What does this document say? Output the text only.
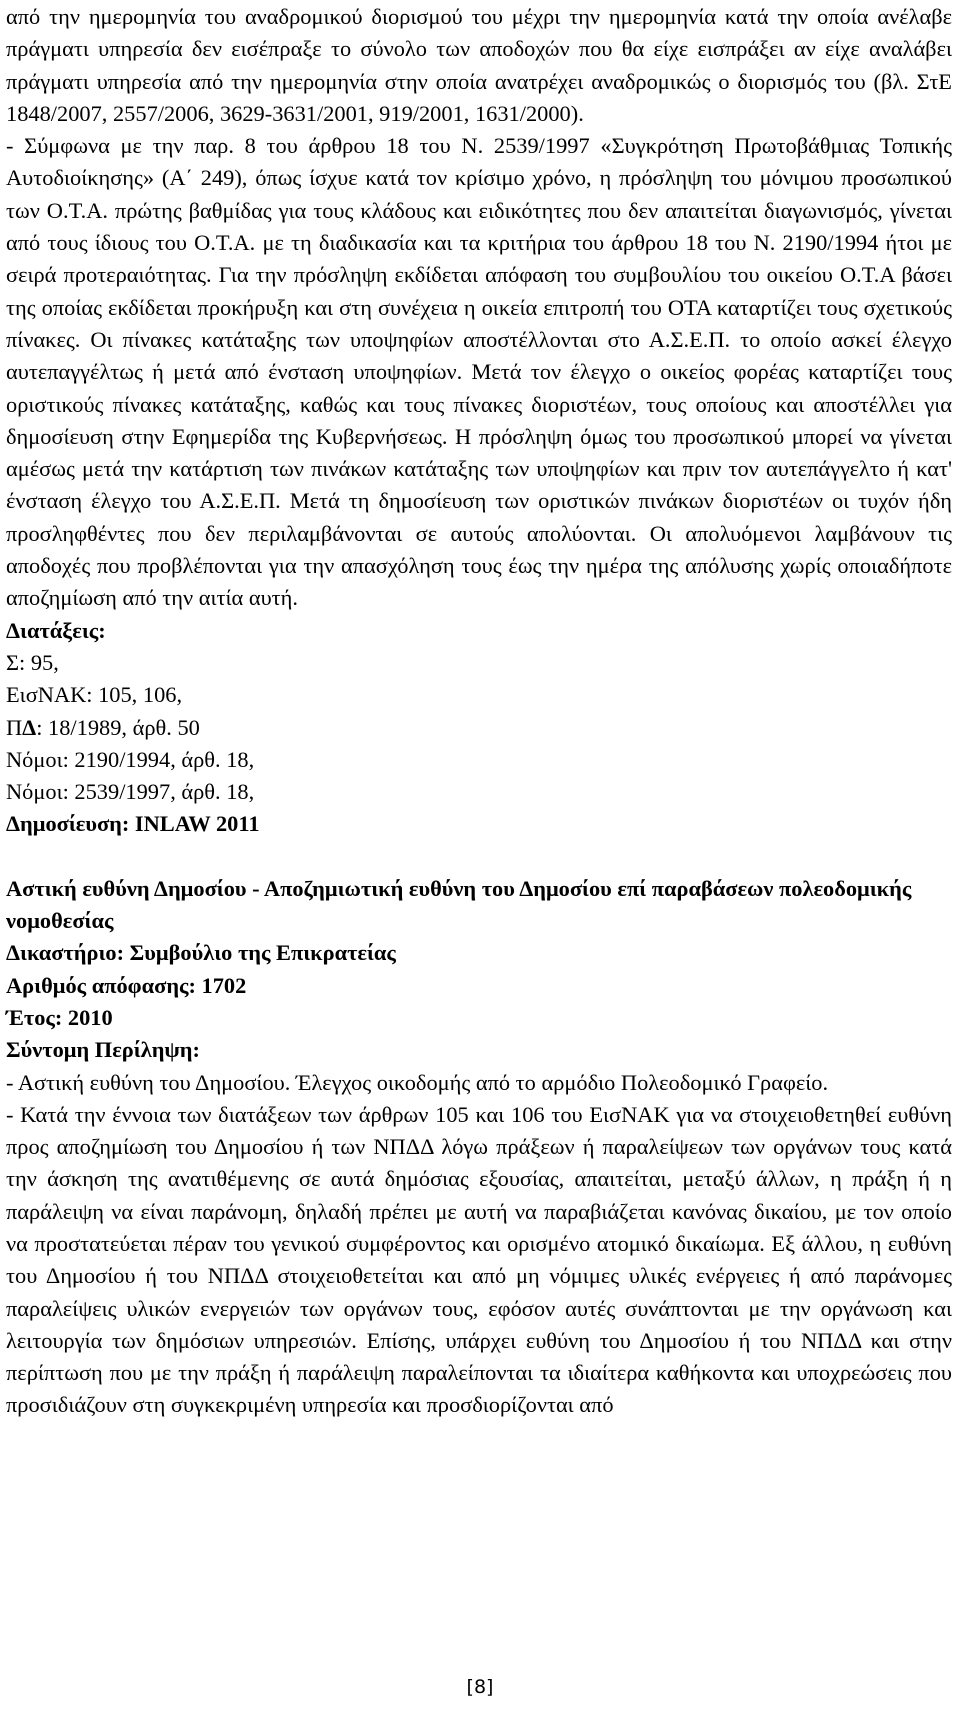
από την ημερομηνία του αναδρομικού διορισμού του μέχρι την ημερομηνία κατά την οποία ανέλαβε πράγματι υπηρεσία δεν εισέπραξε το σύνολο των αποδοχών που θα είχε εισπράξει αν είχε αναλάβει πράγματι υπηρεσία από την ημερομηνία στην οποία ανατρέχει αναδρομικώς ο διορισμός του (βλ. ΣτΕ 1848/2007, 2557/2006, 3629-3631/2001, 919/2001, 1631/2000).

- Σύμφωνα με την παρ. 8 του άρθρου 18 του Ν. 2539/1997 «Συγκρότηση Πρωτοβάθμιας Τοπικής Αυτοδιοίκησης» (Α΄ 249), όπως ίσχυε κατά τον κρίσιμο χρόνο, η πρόσληψη του μόνιμου προσωπικού των Ο.Τ.Α. πρώτης βαθμίδας για τους κλάδους και ειδικότητες που δεν απαιτείται διαγωνισμός, γίνεται από τους ίδιους του Ο.Τ.Α. με τη διαδικασία και τα κριτήρια του άρθρου 18 του Ν. 2190/1994 ήτοι με σειρά προτεραιότητας. Για την πρόσληψη εκδίδεται απόφαση του συμβουλίου του οικείου Ο.Τ.Α βάσει της οποίας εκδίδεται προκήρυξη και στη συνέχεια η οικεία επιτροπή του ΟΤΑ καταρτίζει τους σχετικούς πίνακες. Οι πίνακες κατάταξης των υποψηφίων αποστέλλονται στο Α.Σ.Ε.Π. το οποίο ασκεί έλεγχο αυτεπαγγέλτως ή μετά από ένσταση υποψηφίων. Μετά τον έλεγχο ο οικείος φορέας καταρτίζει τους οριστικούς πίνακες κατάταξης, καθώς και τους πίνακες διοριστέων, τους οποίους και αποστέλλει για δημοσίευση στην Εφημερίδα της Κυβερνήσεως. Η πρόσληψη όμως του προσωπικού μπορεί να γίνεται αμέσως μετά την κατάρτιση των πινάκων κατάταξης των υποψηφίων και πριν τον αυτεπάγγελτο ή κατ' ένσταση έλεγχο του Α.Σ.Ε.Π. Μετά τη δημοσίευση των οριστικών πινάκων διοριστέων οι τυχόν ήδη προσληφθέντες που δεν περιλαμβάνονται σε αυτούς απολύονται. Οι απολυόμενοι λαμβάνουν τις αποδοχές που προβλέπονται για την απασχόληση τους έως την ημέρα της απόλυσης χωρίς οποιαδήποτε αποζημίωση από την αιτία αυτή.

Διατάξεις:
Σ: 95,
ΕισΝΑΚ: 105, 106,
ΠΔ: 18/1989, άρθ. 50
Νόμοι: 2190/1994, άρθ. 18,
Νόμοι: 2539/1997, άρθ. 18,
Δημοσίευση: INLAW 2011

Αστική ευθύνη Δημοσίου - Αποζημιωτική ευθύνη του Δημοσίου επί παραβάσεων πολεοδομικής νομοθεσίας

Δικαστήριο: Συμβούλιο της Επικρατείας
Αριθμός απόφασης: 1702
Έτος: 2010
Σύντομη Περίληψη:

- Αστική ευθύνη του Δημοσίου. Έλεγχος οικοδομής από το αρμόδιο Πολεοδομικό Γραφείο.

- Κατά την έννοια των διατάξεων των άρθρων 105 και 106 του ΕισΝΑΚ για να στοιχειοθετηθεί ευθύνη προς αποζημίωση του Δημοσίου ή των ΝΠΔΔ λόγω πράξεων ή παραλείψεων των οργάνων τους κατά την άσκηση της ανατιθέμενης σε αυτά δημόσιας εξουσίας, απαιτείται, μεταξύ άλλων, η πράξη ή η παράλειψη να είναι παράνομη, δηλαδή πρέπει με αυτή να παραβιάζεται κανόνας δικαίου, με τον οποίο να προστατεύεται πέραν του γενικού συμφέροντος και ορισμένο ατομικό δικαίωμα. Εξ άλλου, η ευθύνη του Δημοσίου ή του ΝΠΔΔ στοιχειοθετείται και από μη νόμιμες υλικές ενέργειες ή από παράνομες παραλείψεις υλικών ενεργειών των οργάνων τους, εφόσον αυτές συνάπτονται με την οργάνωση και λειτουργία των δημόσιων υπηρεσιών. Επίσης, υπάρχει ευθύνη του Δημοσίου ή του ΝΠΔΔ και στην περίπτωση που με την πράξη ή παράλειψη παραλείπονται τα ιδιαίτερα καθήκοντα και υποχρεώσεις που προσιδιάζουν στη συγκεκριμένη υπηρεσία και προσδιορίζονται από

[8]
